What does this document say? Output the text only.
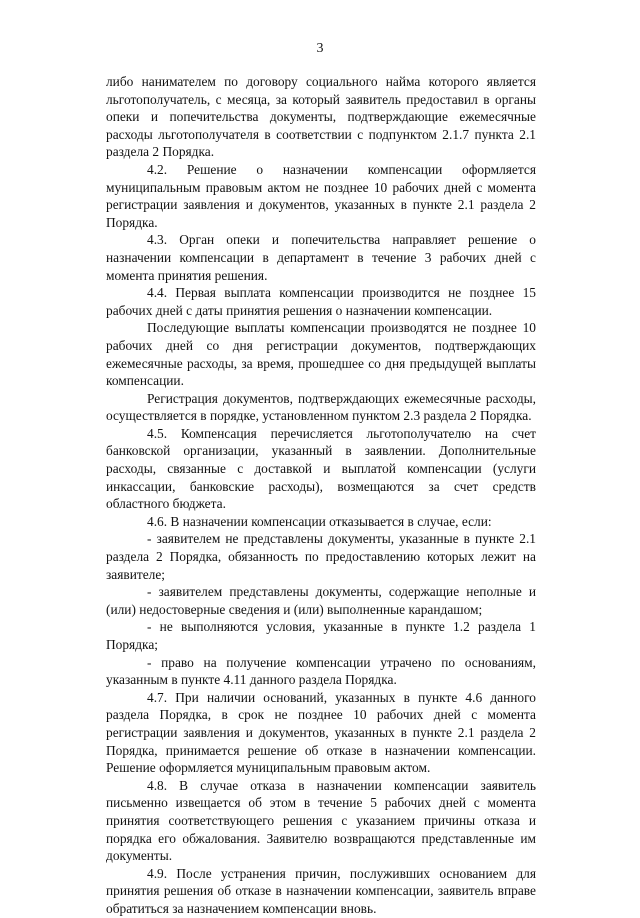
3

либо нанимателем по договору социального найма которого является льготополучатель, с месяца, за который заявитель предоставил в органы опеки и попечительства документы, подтверждающие ежемесячные расходы льготополучателя в соответствии с подпунктом 2.1.7 пункта 2.1 раздела 2 Порядка.

4.2. Решение о назначении компенсации оформляется муниципальным правовым актом не позднее 10 рабочих дней с момента регистрации заявления и документов, указанных в пункте 2.1 раздела 2 Порядка.

4.3. Орган опеки и попечительства направляет решение о назначении компенсации в департамент в течение 3 рабочих дней с момента принятия решения.

4.4. Первая выплата компенсации производится не позднее 15 рабочих дней с даты принятия решения о назначении компенсации.

Последующие выплаты компенсации производятся не позднее 10 рабочих дней со дня регистрации документов, подтверждающих ежемесячные расходы, за время, прошедшее со дня предыдущей выплаты компенсации.

Регистрация документов, подтверждающих ежемесячные расходы, осуществляется в порядке, установленном пунктом 2.3 раздела 2 Порядка.

4.5. Компенсация перечисляется льготополучателю на счет банковской организации, указанный в заявлении. Дополнительные расходы, связанные с доставкой и выплатой компенсации (услуги инкассации, банковские расходы), возмещаются за счет средств областного бюджета.

4.6. В назначении компенсации отказывается в случае, если:

- заявителем не представлены документы, указанные в пункте 2.1 раздела 2 Порядка, обязанность по предоставлению которых лежит на заявителе;

- заявителем представлены документы, содержащие неполные и (или) недостоверные сведения и (или) выполненные карандашом;

- не выполняются условия, указанные в пункте 1.2 раздела 1 Порядка;

- право на получение компенсации утрачено по основаниям, указанным в пункте 4.11 данного раздела Порядка.

4.7. При наличии оснований, указанных в пункте 4.6 данного раздела Порядка, в срок не позднее 10 рабочих дней с момента регистрации заявления и документов, указанных в пункте 2.1 раздела 2 Порядка, принимается решение об отказе в назначении компенсации. Решение оформляется муниципальным правовым актом.

4.8. В случае отказа в назначении компенсации заявитель письменно извещается об этом в течение 5 рабочих дней с момента принятия соответствующего решения с указанием причины отказа и порядка его обжалования. Заявителю возвращаются представленные им документы.

4.9. После устранения причин, послуживших основанием для принятия решения об отказе в назначении компенсации, заявитель вправе обратиться за назначением компенсации вновь.
